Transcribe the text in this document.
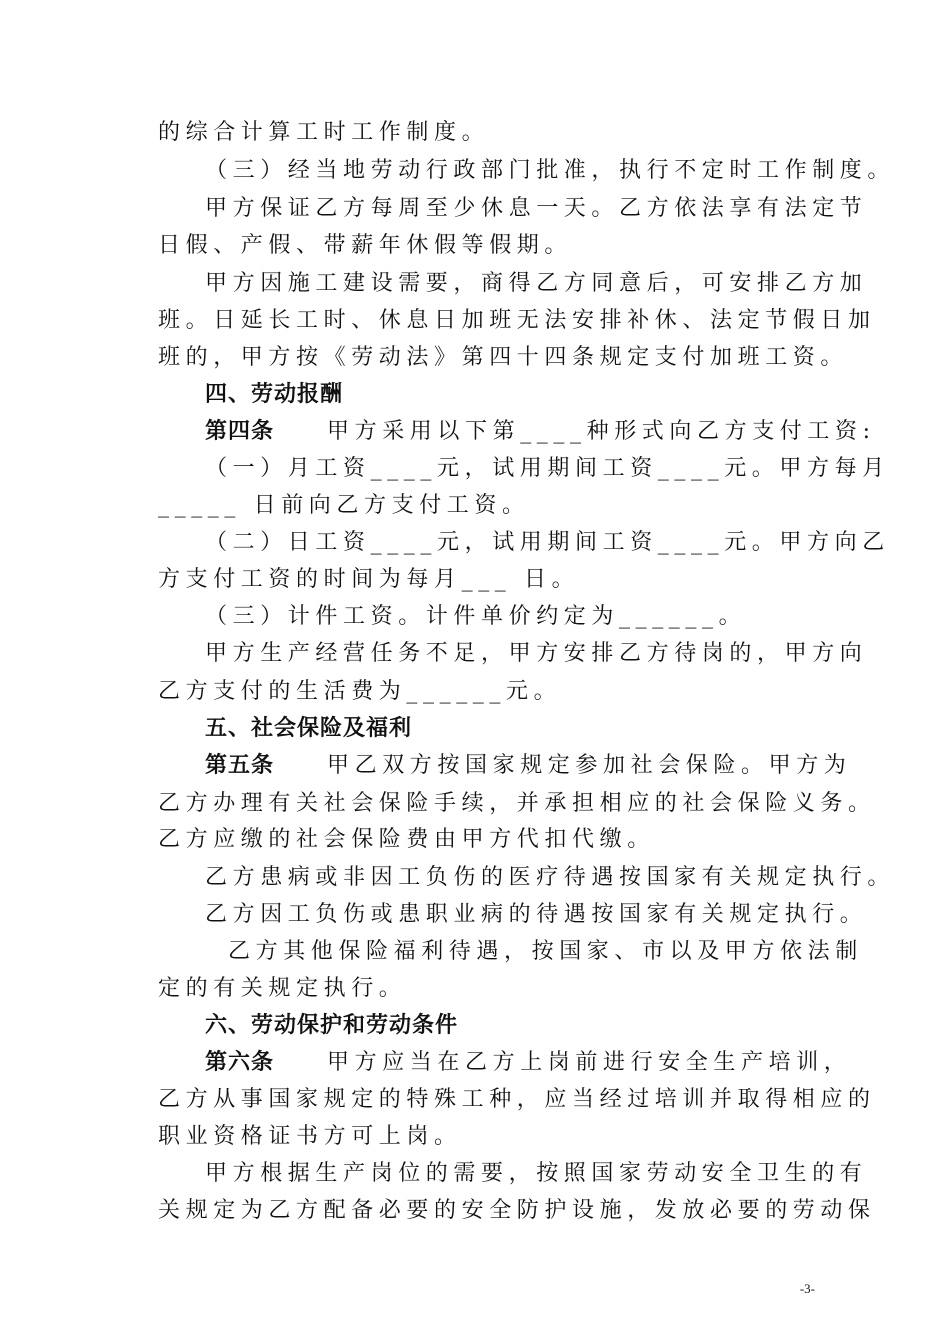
的综合计算工时工作制度。
（三）经当地劳动行政部门批准，执行不定时工作制度。
甲方保证乙方每周至少休息一天。乙方依法享有法定节
日假、产假、带薪年休假等假期。
甲方因施工建设需要，商得乙方同意后，可安排乙方加
班。日延长工时、休息日加班无法安排补休、法定节假日加
班的，甲方按《劳动法》第四十四条规定支付加班工资。
四、劳动报酬
第四条 甲方采用以下第____种形式向乙方支付工资:
（一）月工资____元，试用期间工资____元。甲方每月
_____ 日前向乙方支付工资。
（二）日工资____元，试用期间工资____元。甲方向乙
方支付工资的时间为每月___ 日。
（三）计件工资。计件单价约定为______。
甲方生产经营任务不足，甲方安排乙方待岗的，甲方向
乙方支付的生活费为______元。
五、社会保险及福利
第五条 甲乙双方按国家规定参加社会保险。甲方为
乙方办理有关社会保险手续，并承担相应的社会保险义务。
乙方应缴的社会保险费由甲方代扣代缴。
乙方患病或非因工负伤的医疗待遇按国家有关规定执行。
乙方因工负伤或患职业病的待遇按国家有关规定执行。
乙方其他保险福利待遇，按国家、市以及甲方依法制
定的有关规定执行。
六、劳动保护和劳动条件
第六条 甲方应当在乙方上岗前进行安全生产培训，
乙方从事国家规定的特殊工种，应当经过培训并取得相应的
职业资格证书方可上岗。
甲方根据生产岗位的需要，按照国家劳动安全卫生的有
关规定为乙方配备必要的安全防护设施，发放必要的劳动保
-3-
